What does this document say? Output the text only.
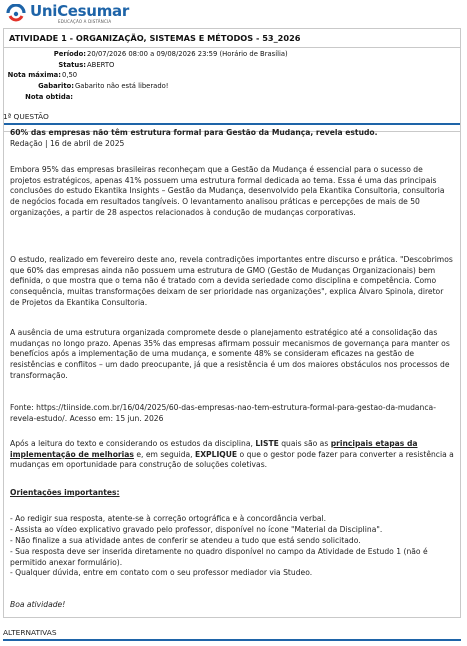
UniCesumar
EDUCAÇÃO A DISTÂNCIA
ATIVIDADE 1 - ORGANIZAÇÃO, SISTEMAS E MÉTODOS - 53_2026
Período: 20/07/2026 08:00 a 09/08/2026 23:59 (Horário de Brasília)
Status: ABERTO
Nota máxima: 0,50
Gabarito: Gabarito não está liberado!
Nota obtida:
1ª QUESTÃO
60% das empresas não têm estrutura formal para Gestão da Mudança, revela estudo.
Redação | 16 de abril de 2025

Embora 95% das empresas brasileiras reconheçam que a Gestão da Mudança é essencial para o sucesso de projetos estratégicos, apenas 41% possuem uma estrutura formal dedicada ao tema. Essa é uma das principais conclusões do estudo Ekantika Insights – Gestão da Mudança, desenvolvido pela Ekantika Consultoria, consultoria de negócios focada em resultados tangíveis. O levantamento analisou práticas e percepções de mais de 50 organizações, a partir de 28 aspectos relacionados à condução de mudanças corporativas.

O estudo, realizado em fevereiro deste ano, revela contradições importantes entre discurso e prática. "Descobrimos que 60% das empresas ainda não possuem uma estrutura de GMO (Gestão de Mudanças Organizacionais) bem definida, o que mostra que o tema não é tratado com a devida seriedade como disciplina e competência. Como consequência, muitas transformações deixam de ser prioridade nas organizações", explica Álvaro Spinola, diretor de Projetos da Ekantika Consultoria.

A ausência de uma estrutura organizada compromete desde o planejamento estratégico até a consolidação das mudanças no longo prazo. Apenas 35% das empresas afirmam possuir mecanismos de governança para manter os benefícios após a implementação de uma mudança, e somente 48% se consideram eficazes na gestão de resistências e conflitos – um dado preocupante, já que a resistência é um dos maiores obstáculos nos processos de transformação.

Fonte: https://tiinside.com.br/16/04/2025/60-das-empresas-nao-tem-estrutura-formal-para-gestao-da-mudanca-revela-estudo/. Acesso em: 15 jun. 2026

Após a leitura do texto e considerando os estudos da disciplina, LISTE quais são as principais etapas da implementação de melhorias e, em seguida, EXPLIQUE o que o gestor pode fazer para converter a resistência a mudanças em oportunidade para construção de soluções coletivas.

Orientações importantes:

- Ao redigir sua resposta, atente-se à correção ortográfica e à concordância verbal.

- Assista ao vídeo explicativo gravado pelo professor, disponível no ícone "Material da Disciplina".

- Não finalize a sua atividade antes de conferir se atendeu a tudo que está sendo solicitado.

- Sua resposta deve ser inserida diretamente no quadro disponível no campo da Atividade de Estudo 1 (não é permitido anexar formulário).

- Qualquer dúvida, entre em contato com o seu professor mediador via Studeo.

Boa atividade!

ALTERNATIVAS
